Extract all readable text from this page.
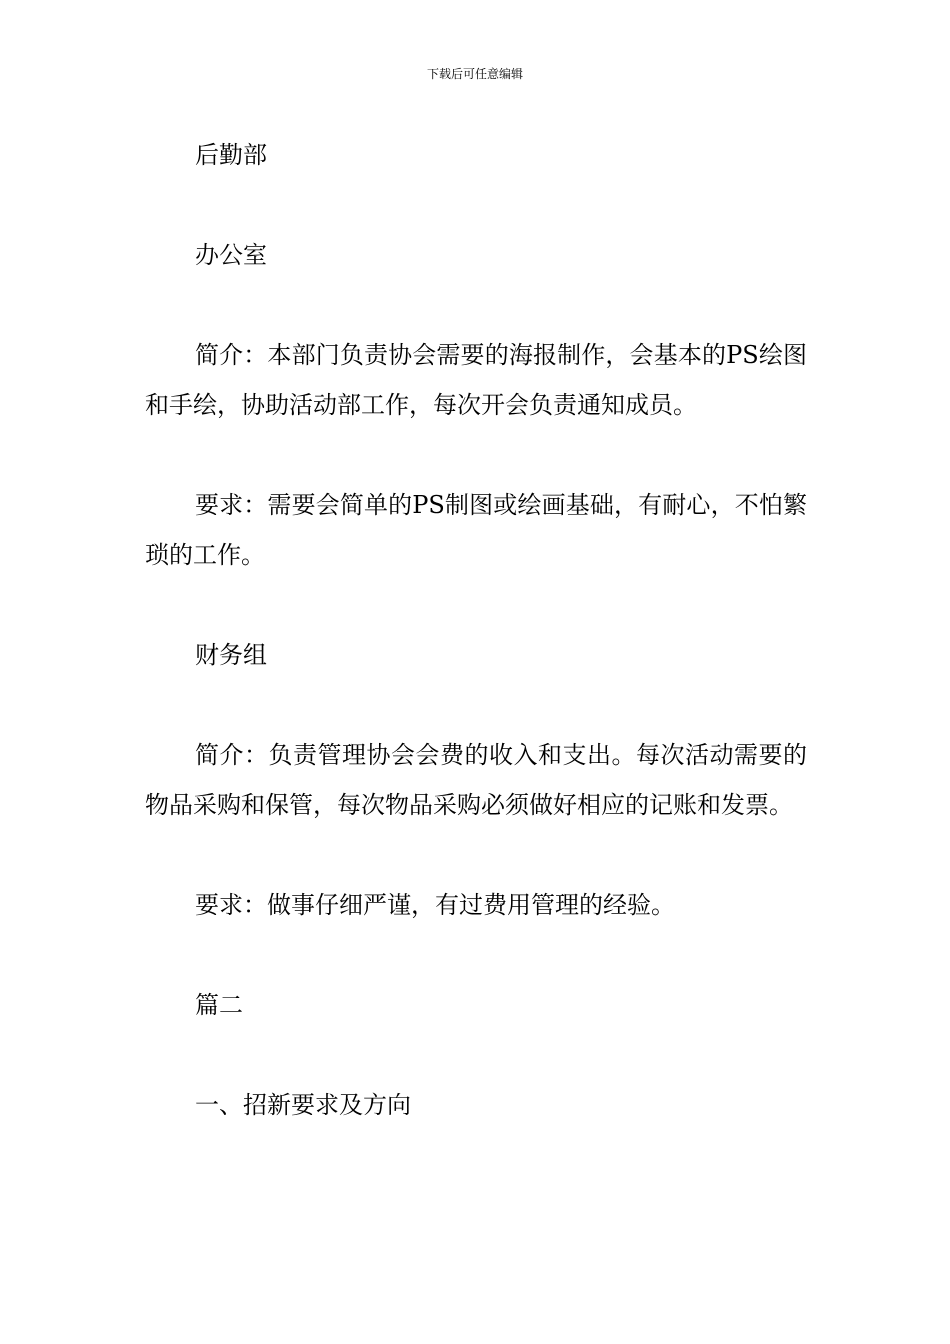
下载后可任意编辑

后勤部

办公室

简介：本部门负责协会需要的海报制作，会基本的PS绘图和手绘，协助活动部工作，每次开会负责通知成员。

要求：需要会简单的PS制图或绘画基础，有耐心，不怕繁琐的工作。

财务组

简介：负责管理协会会费的收入和支出。每次活动需要的物品采购和保管，每次物品采购必须做好相应的记账和发票。

要求：做事仔细严谨，有过费用管理的经验。

篇二

一、招新要求及方向
